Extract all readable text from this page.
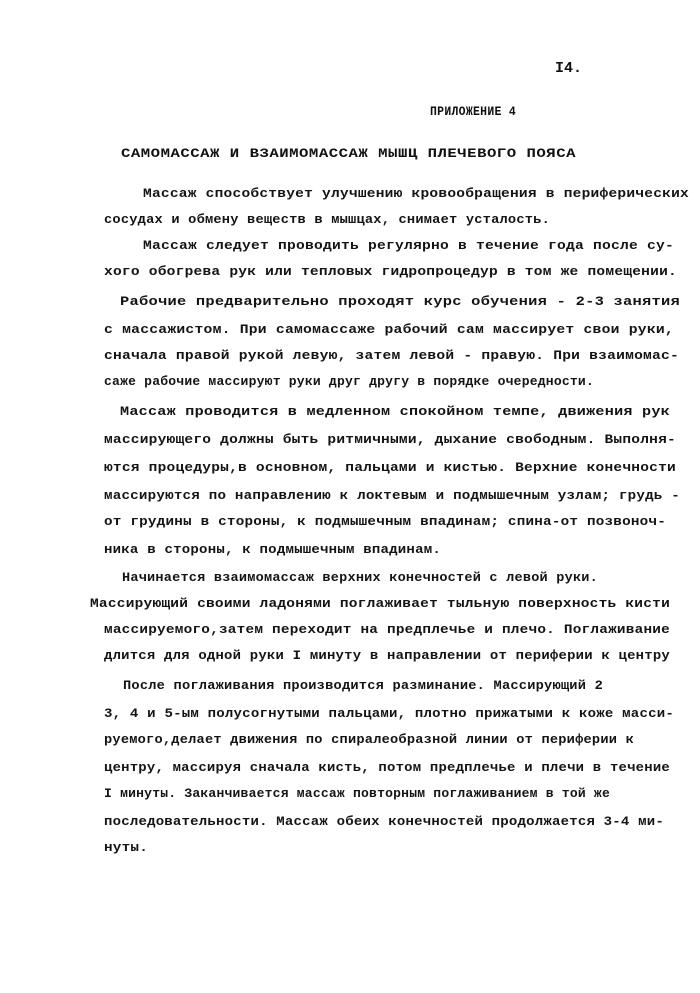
I4.
ПРИЛОЖЕНИЕ 4
САМОМАССАЖ И ВЗАИМОМАССАЖ МЫШЦ ПЛЕЧЕВОГО ПОЯСА
Массаж способствует улучшению кровообращения в периферических
сосудах и обмену веществ в мышцах, снимает усталость.
Массаж следует проводить регулярно в течение года после су-
хого обогрева рук или тепловых гидропроцедур в том же помещении.
Рабочие предварительно проходят курс обучения - 2-3 занятия
с массажистом. При самомассаже рабочий сам массирует свои руки,
сначала правой рукой левую, затем левой - правую. При взаимомас-
саже рабочие массируют руки друг другу в порядке очередности.
Массаж проводится в медленном спокойном темпе, движения рук
массирующего должны быть ритмичными, дыхание свободным. Выполня-
ются процедуры,в основном, пальцами и кистью. Верхние конечности
массируются по направлению к локтевым и подмышечным узлам; грудь -
от грудины в стороны, к подмышечным впадинам; спина-от позвоноч-
ника в стороны, к подмышечным впадинам.
Начинается взаимомассаж верхних конечностей с левой руки.
Массирующий своими ладонями поглаживает тыльную поверхность кисти
массируемого,затем переходит на предплечье и плечо. Поглаживание
длится для одной руки I минуту в направлении от периферии к центру
После поглаживания производится разминание. Массирующий 2
3, 4 и 5-ым полусогнутыми пальцами, плотно прижатыми к коже масси-
руемого,делает движения по спиралеобразной линии от периферии к
центру, массируя сначала кисть, потом предплечье и плечи в течение
I минуты. Заканчивается массаж повторным поглаживанием в той же
последовательности. Массаж обеих конечностей продолжается 3-4 ми-
нуты.
